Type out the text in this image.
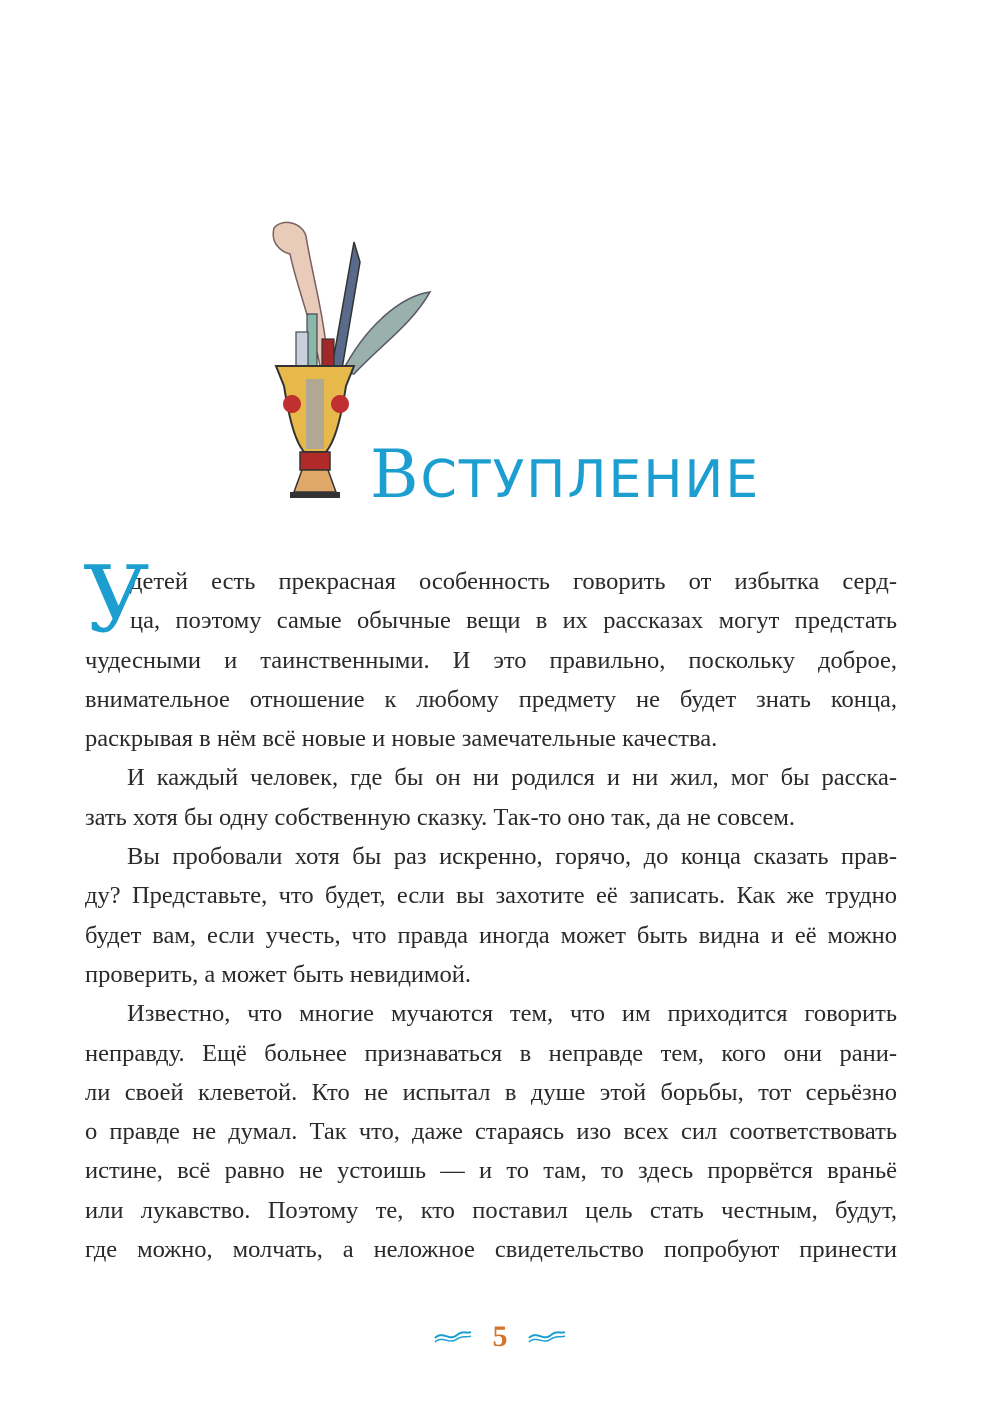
ВСТУПЛЕНИЕ
У
детей есть прекрасная особенность говорить от избытка серд-
ца, поэтому самые обычные вещи в их рассказах могут предстать
чудесными и таинственными. И это правильно, поскольку доброе,
внимательное отношение к любому предмету не будет знать конца,
раскрывая в нём всё новые и новые замечательные качества.
И каждый человек, где бы он ни родился и ни жил, мог бы расска-
зать хотя бы одну собственную сказку. Так-то оно так, да не совсем.
Вы пробовали хотя бы раз искренно, горячо, до конца сказать прав-
ду? Представьте, что будет, если вы захотите её записать. Как же трудно
будет вам, если учесть, что правда иногда может быть видна и её можно
проверить, а может быть невидимой.
Известно, что многие мучаются тем, что им приходится говорить
неправду. Ещё больнее признаваться в неправде тем, кого они рани-
ли своей клеветой. Кто не испытал в душе этой борьбы, тот серьёзно
о правде не думал. Так что, даже стараясь изо всех сил соответствовать
истине, всё равно не устоишь — и то там, то здесь прорвётся враньё
или лукавство. Поэтому те, кто поставил цель стать честным, будут,
где можно, молчать, а неложное свидетельство попробуют принести
5
